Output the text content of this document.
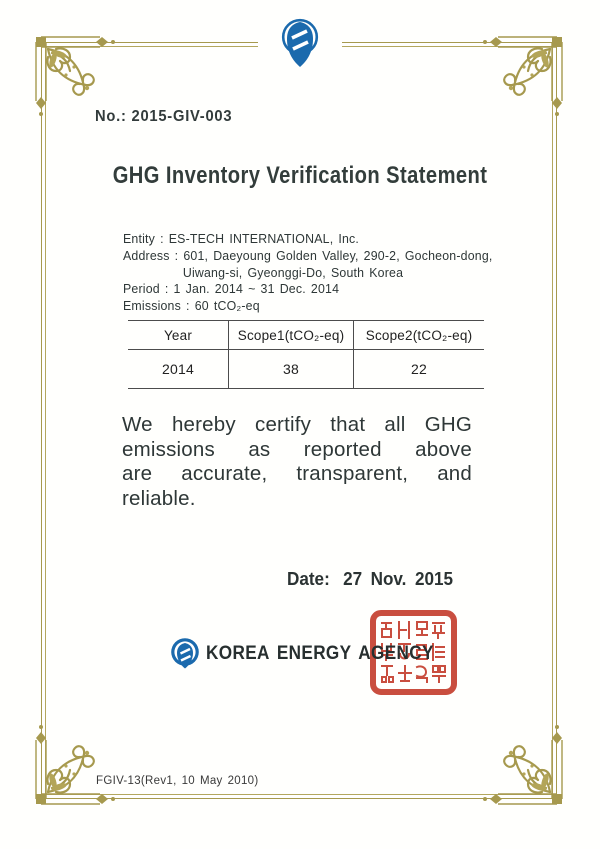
No.: 2015-GIV-003
GHG Inventory Verification Statement
Entity : ES-TECH INTERNATIONAL, Inc.
Address : 601, Daeyoung Golden Valley, 290-2, Gocheon-dong,
Uiwang-si, Gyeonggi-Do, South Korea
Period : 1 Jan. 2014 ~ 31 Dec. 2014
Emissions : 60 tCO₂-eq
Year	Scope1(tCO₂-eq)	Scope2(tCO₂-eq)
2014	38	22
We hereby certify that all GHG
emissions as reported above
are accurate, transparent, and
reliable.
Date: 27 Nov. 2015
KOREA ENERGY AGENCY
FGIV-13(Rev1, 10 May 2010)
